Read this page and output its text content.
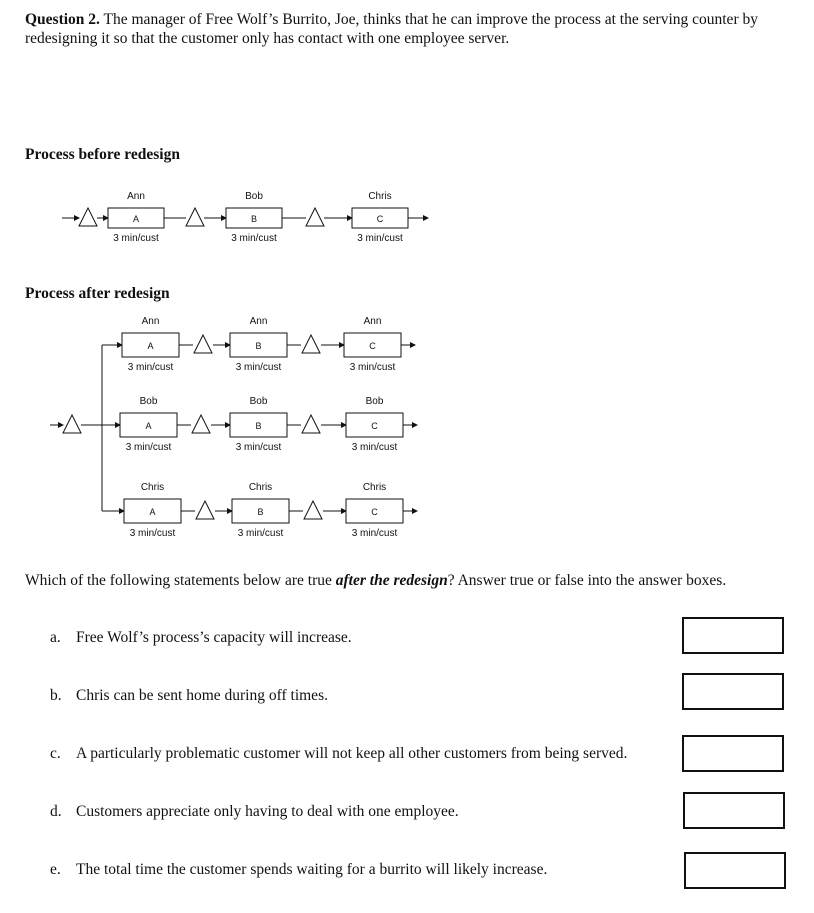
Question 2. The manager of Free Wolf’s Burrito, Joe, thinks that he can improve the process at the serving counter by redesigning it so that the customer only has contact with one employee server.
Process before redesign
Process after redesign
Ann
A
3 min/cust
Bob
B
3 min/cust
Chris
C
3 min/cust
Ann
A
3 min/cust
Ann
B
3 min/cust
Ann
C
3 min/cust
Bob
A
3 min/cust
Bob
B
3 min/cust
Bob
C
3 min/cust
Chris
A
3 min/cust
Chris
B
3 min/cust
Chris
C
3 min/cust
Which of the following statements below are true after the redesign? Answer true or false into the answer boxes.
a. Free Wolf’s process’s capacity will increase.
b. Chris can be sent home during off times.
c. A particularly problematic customer will not keep all other customers from being served.
d. Customers appreciate only having to deal with one employee.
e. The total time the customer spends waiting for a burrito will likely increase.
